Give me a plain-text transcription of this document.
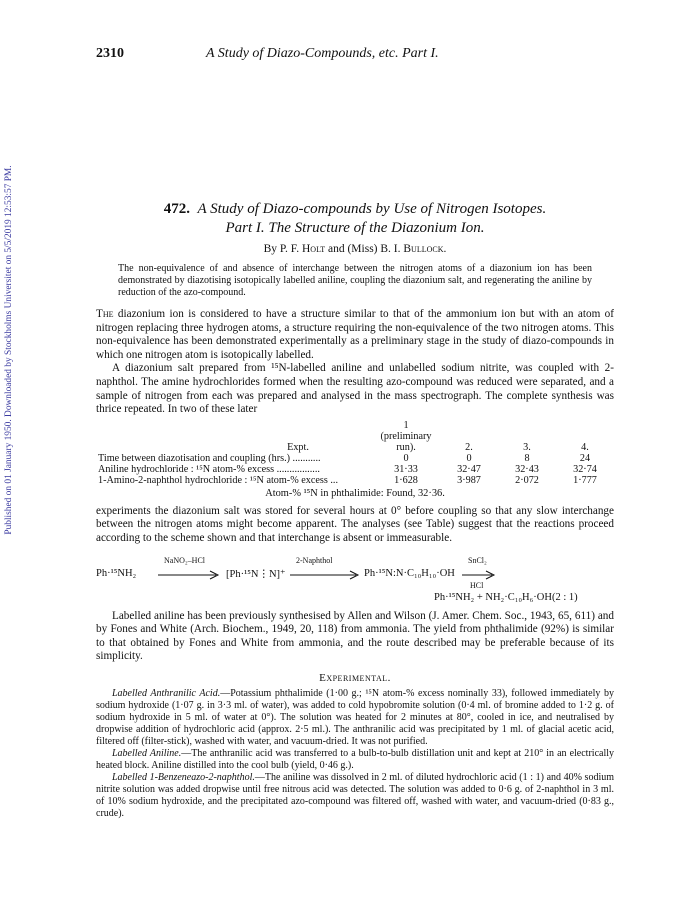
Published on 01 January 1950. Downloaded by Stockholms Universitet on 5/5/2019 12:53:57 PM.
2310	A Study of Diazo-Compounds, etc. Part I.
472. A Study of Diazo-compounds by Use of Nitrogen Isotopes.
Part I. The Structure of the Diazonium Ion.
By P. F. Holt and (Miss) B. I. Bullock.
The non-equivalence of and absence of interchange between the nitrogen atoms of a diazonium ion has been demonstrated by diazotising isotopically labelled aniline, coupling the diazonium salt, and regenerating the aniline by reduction of the azo-compound.

The diazonium ion is considered to have a structure similar to that of the ammonium ion but with an atom of nitrogen replacing three hydrogen atoms, a structure requiring the non-equivalence of the two nitrogen atoms. This non-equivalence has been demonstrated experimentally as a preliminary stage in the study of diazo-compounds in which one nitrogen atom is isotopically labelled.

A diazonium salt prepared from ¹⁵N-labelled aniline and unlabelled sodium nitrite, was coupled with 2-naphthol. The amine hydrochlorides formed when the resulting azo-compound was reduced were separated, and a sample of nitrogen from each was prepared and analysed in the mass spectrograph. The complete synthesis was thrice repeated. In two of these later

Expt.	1
(preliminary
run).	2.	3.	4.
Time between diazotisation and coupling (hrs.) ...........	0	0	8	24
Aniline hydrochloride : ¹⁵N atom-% excess .................	31·33	32·47	32·43	32·74
1-Amino-2-naphthol hydrochloride : ¹⁵N atom-% excess ...	1·628	3·987	2·072	1·777
Atom-% ¹⁵N in phthalimide: Found, 32·36.

experiments the diazonium salt was stored for several hours at 0° before coupling so that any slow interchange between the nitrogen atoms might become apparent. The analyses (see Table) suggest that the reactions proceed according to the scheme shown and that interchange is absent or immeasurable.

Ph·¹⁵NH₂
NaNO₂–HCl
[Ph·¹⁵N⋮N]⁺
2-Naphthol
Ph·¹⁵N:N·C₁₀H₁₀·OH
SnCl₂
HCl
Ph·¹⁵NH₂ + NH₂·C₁₀H₆·OH(2 : 1)

Labelled aniline has been previously synthesised by Allen and Wilson (J. Amer. Chem. Soc., 1943, 65, 611) and by Fones and White (Arch. Biochem., 1949, 20, 118) from ammonia. The yield from phthalimide (92%) is similar to that obtained by Fones and White from ammonia, and the route described may be preferable because of its simplicity.

Experimental.

Labelled Anthranilic Acid.—Potassium phthalimide (1·00 g.; ¹⁵N atom-% excess nominally 33), followed immediately by sodium hydroxide (1·07 g. in 3·3 ml. of water), was added to cold hypobromite solution (0·4 ml. of bromine added to 1·2 g. of sodium hydroxide in 5 ml. of water at 0°). The solution was heated for 2 minutes at 80°, cooled in ice, and neutralised by dropwise addition of hydrochloric acid (approx. 2·5 ml.). The anthranilic acid was precipitated by 1 ml. of glacial acetic acid, filtered off (filter-stick), washed with water, and vacuum-dried. It was not purified.

Labelled Aniline.—The anthranilic acid was transferred to a bulb-to-bulb distillation unit and kept at 210° in an electrically heated block. Aniline distilled into the cool bulb (yield, 0·46 g.).

Labelled 1-Benzeneazo-2-naphthol.—The aniline was dissolved in 2 ml. of diluted hydrochloric acid (1 : 1) and 40% sodium nitrite solution was added dropwise until free nitrous acid was detected. The solution was added to 0·6 g. of 2-naphthol in 3 ml. of 10% sodium hydroxide, and the precipitated azo-compound was filtered off, washed with water, and vacuum-dried (0·83 g., crude).
